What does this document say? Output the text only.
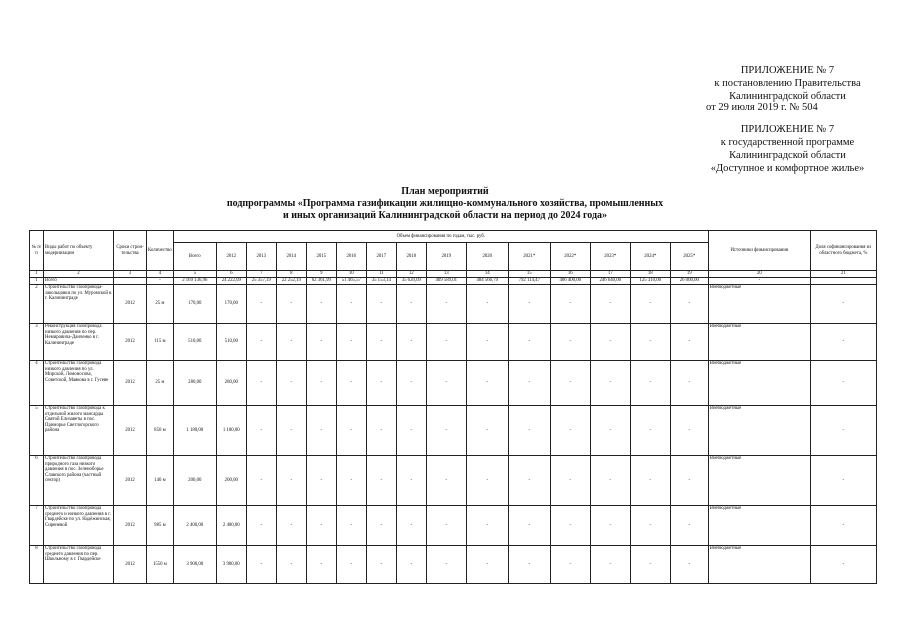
ПРИЛОЖЕНИЕ № 7
к постановлению Правительства
Калининградской области
от 29 июля 2019 г. № 504
ПРИЛОЖЕНИЕ № 7
к государственной программе
Калининградской области
«Доступное и комфортное жилье»
План мероприятий
подпрограммы «Программа газификации жилищно-коммунального хозяйства, промышленных
и иных организаций Калининградской области на период до 2024 года»
№ п/п	Виды работ по объекту модернизации	Сроки строи-тельства	Количество	Объем финансирования по годам, тыс. руб.															Источники финансирования	Доля софинансирования из областного бюджета, %
				Всего	2012	2013	2014	2015	2016	2017	2018	2019	2020	2021*	2022*	2023*	2024*	2025*		
1	2	3	4	5	6	7	8	9	10	11	12	13	14	15	16	17	18	19	20	21
1	Всего		-	2 169 136,96	24 222,09	25 357,19	22 252,19	62 361,99	51 465,57	35 153,14	35 620,09	409 589,01	484 566,79	792 114,47	406 400,00	246 640,00	125 310,00	26 000,00	-	
2	Строительство газопровода-закольцовки по ул. Муромской в г. Калининграде	2012	25 м	170,00	170,00	-	-	-	-	-	-	-	-	-	-	-	-	-	Внебюджетные	-
3	Реконструкция газопровода низкого давления по пер. Немировича-Данченко в г. Калининграде	2012	115 м	510,00	510,00	-	-	-	-	-	-	-	-	-	-	-	-	-	Внебюджетные	-
4	Строительство газопровода низкого давления по ул. Мирской, Ломоносова, Советской, Маякова в г. Гусеве	2012	25 м	280,00	280,00	-	-	-	-	-	-	-	-	-	-	-	-	-	Внебюджетные	-
5	Строительство газопровода к отдельной жилого мансарды Святой Елизаветы в пос. Приморье Светлогорского района	2012	850 м	1 180,00	1 180,00	-	-	-	-	-	-	-	-	-	-	-	-	-	Внебюджетные	-
6	Строительство газопровода природного газа низкого давления в пос. Зеленоборье Славского района (частный сектор)	2012	140 м	200,00	200,00	-	-	-	-	-	-	-	-	-	-	-	-	-	Внебюджетные	-
7	Строительство газопровода среднего и низкого давления в г. Гвардейске по ул. Надёжинская, Сиреневой	2012	985 м	2 400,00	2 400,00	-	-	-	-	-	-	-	-	-	-	-	-	-	Внебюджетные	-
8	Строительство газопровода среднего давления по пер. Школьному в г. Гвардейске	2012	1550 м	3 900,00	3 900,00	-	-	-	-	-	-	-	-	-	-	-	-	-	Внебюджетные	-
